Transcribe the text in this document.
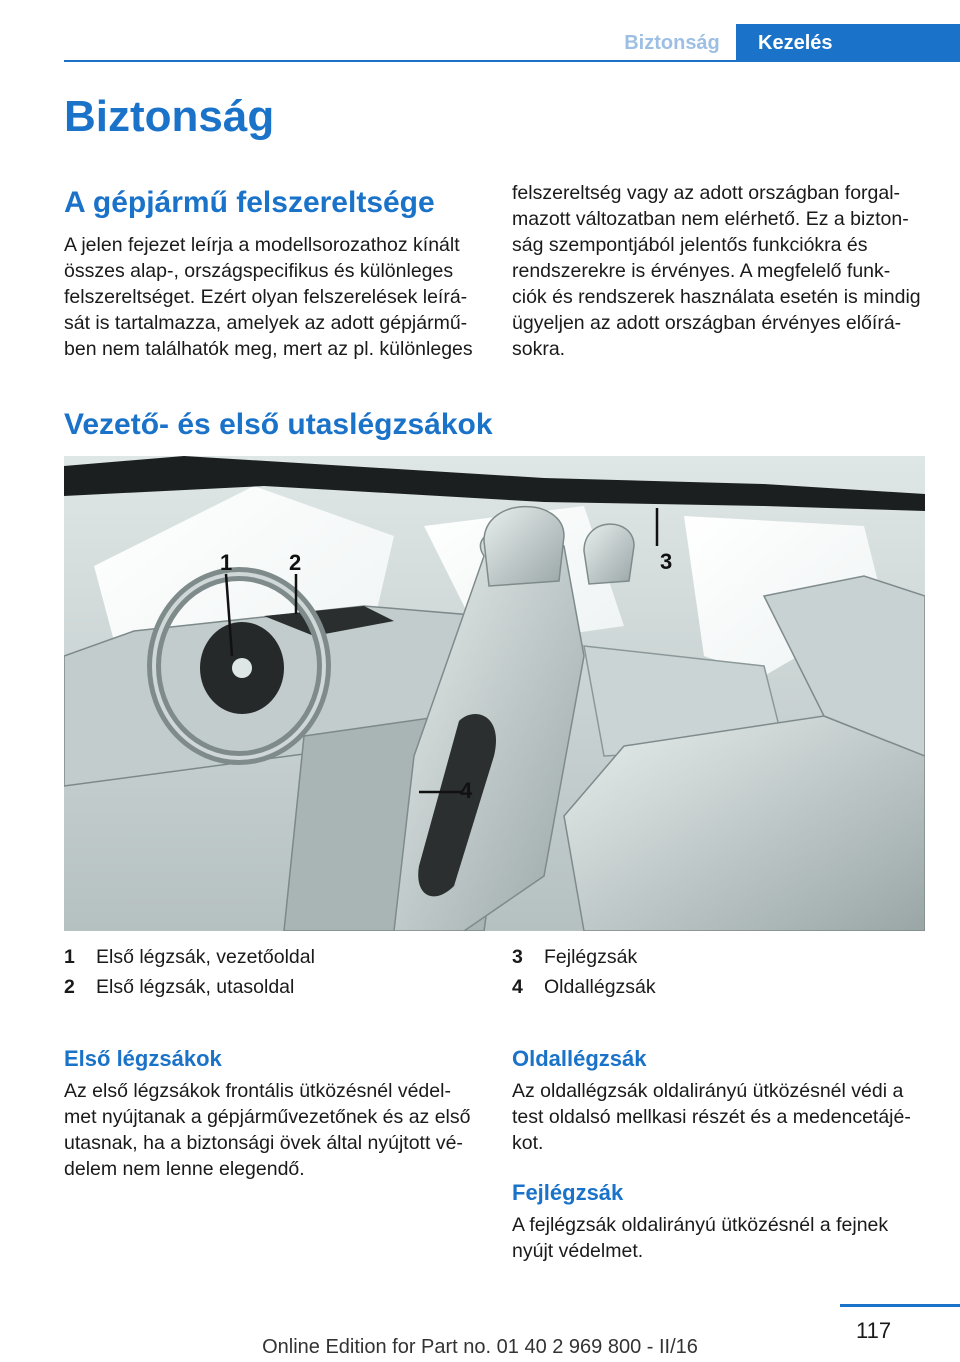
Biztonság	Kezelés
Biztonság
A gépjármű felszereltsége
A jelen fejezet leírja a modellsorozathoz kínált
összes alap-, országspecifikus és különleges
felszereltséget. Ezért olyan felszerelések leírá-
sát is tartalmazza, amelyek az adott gépjármű-
ben nem találhatók meg, mert az pl. különleges
felszereltség vagy az adott országban forgal-
mazott változatban nem elérhető. Ez a bizton-
ság szempontjából jelentős funkciókra és
rendszerekre is érvényes. A megfelelő funk-
ciók és rendszerek használata esetén is mindig
ügyeljen az adott országban érvényes előírá-
sokra.
Vezető- és első utaslégzsákok
1	2	3
4
1	Első légzsák, vezetőoldal
2	Első légzsák, utasoldal
3	Fejlégzsák
4	Oldallégzsák
Első légzsákok
Az első légzsákok frontális ütközésnél védel-
met nyújtanak a gépjárművezetőnek és az első
utasnak, ha a biztonsági övek által nyújtott vé-
delem nem lenne elegendő.
Oldallégzsák
Az oldallégzsák oldalirányú ütközésnél védi a
test oldalsó mellkasi részét és a medencetájé-
kot.
Fejlégzsák
A fejlégzsák oldalirányú ütközésnél a fejnek
nyújt védelmet.
117
Online Edition for Part no. 01 40 2 969 800 - II/16
